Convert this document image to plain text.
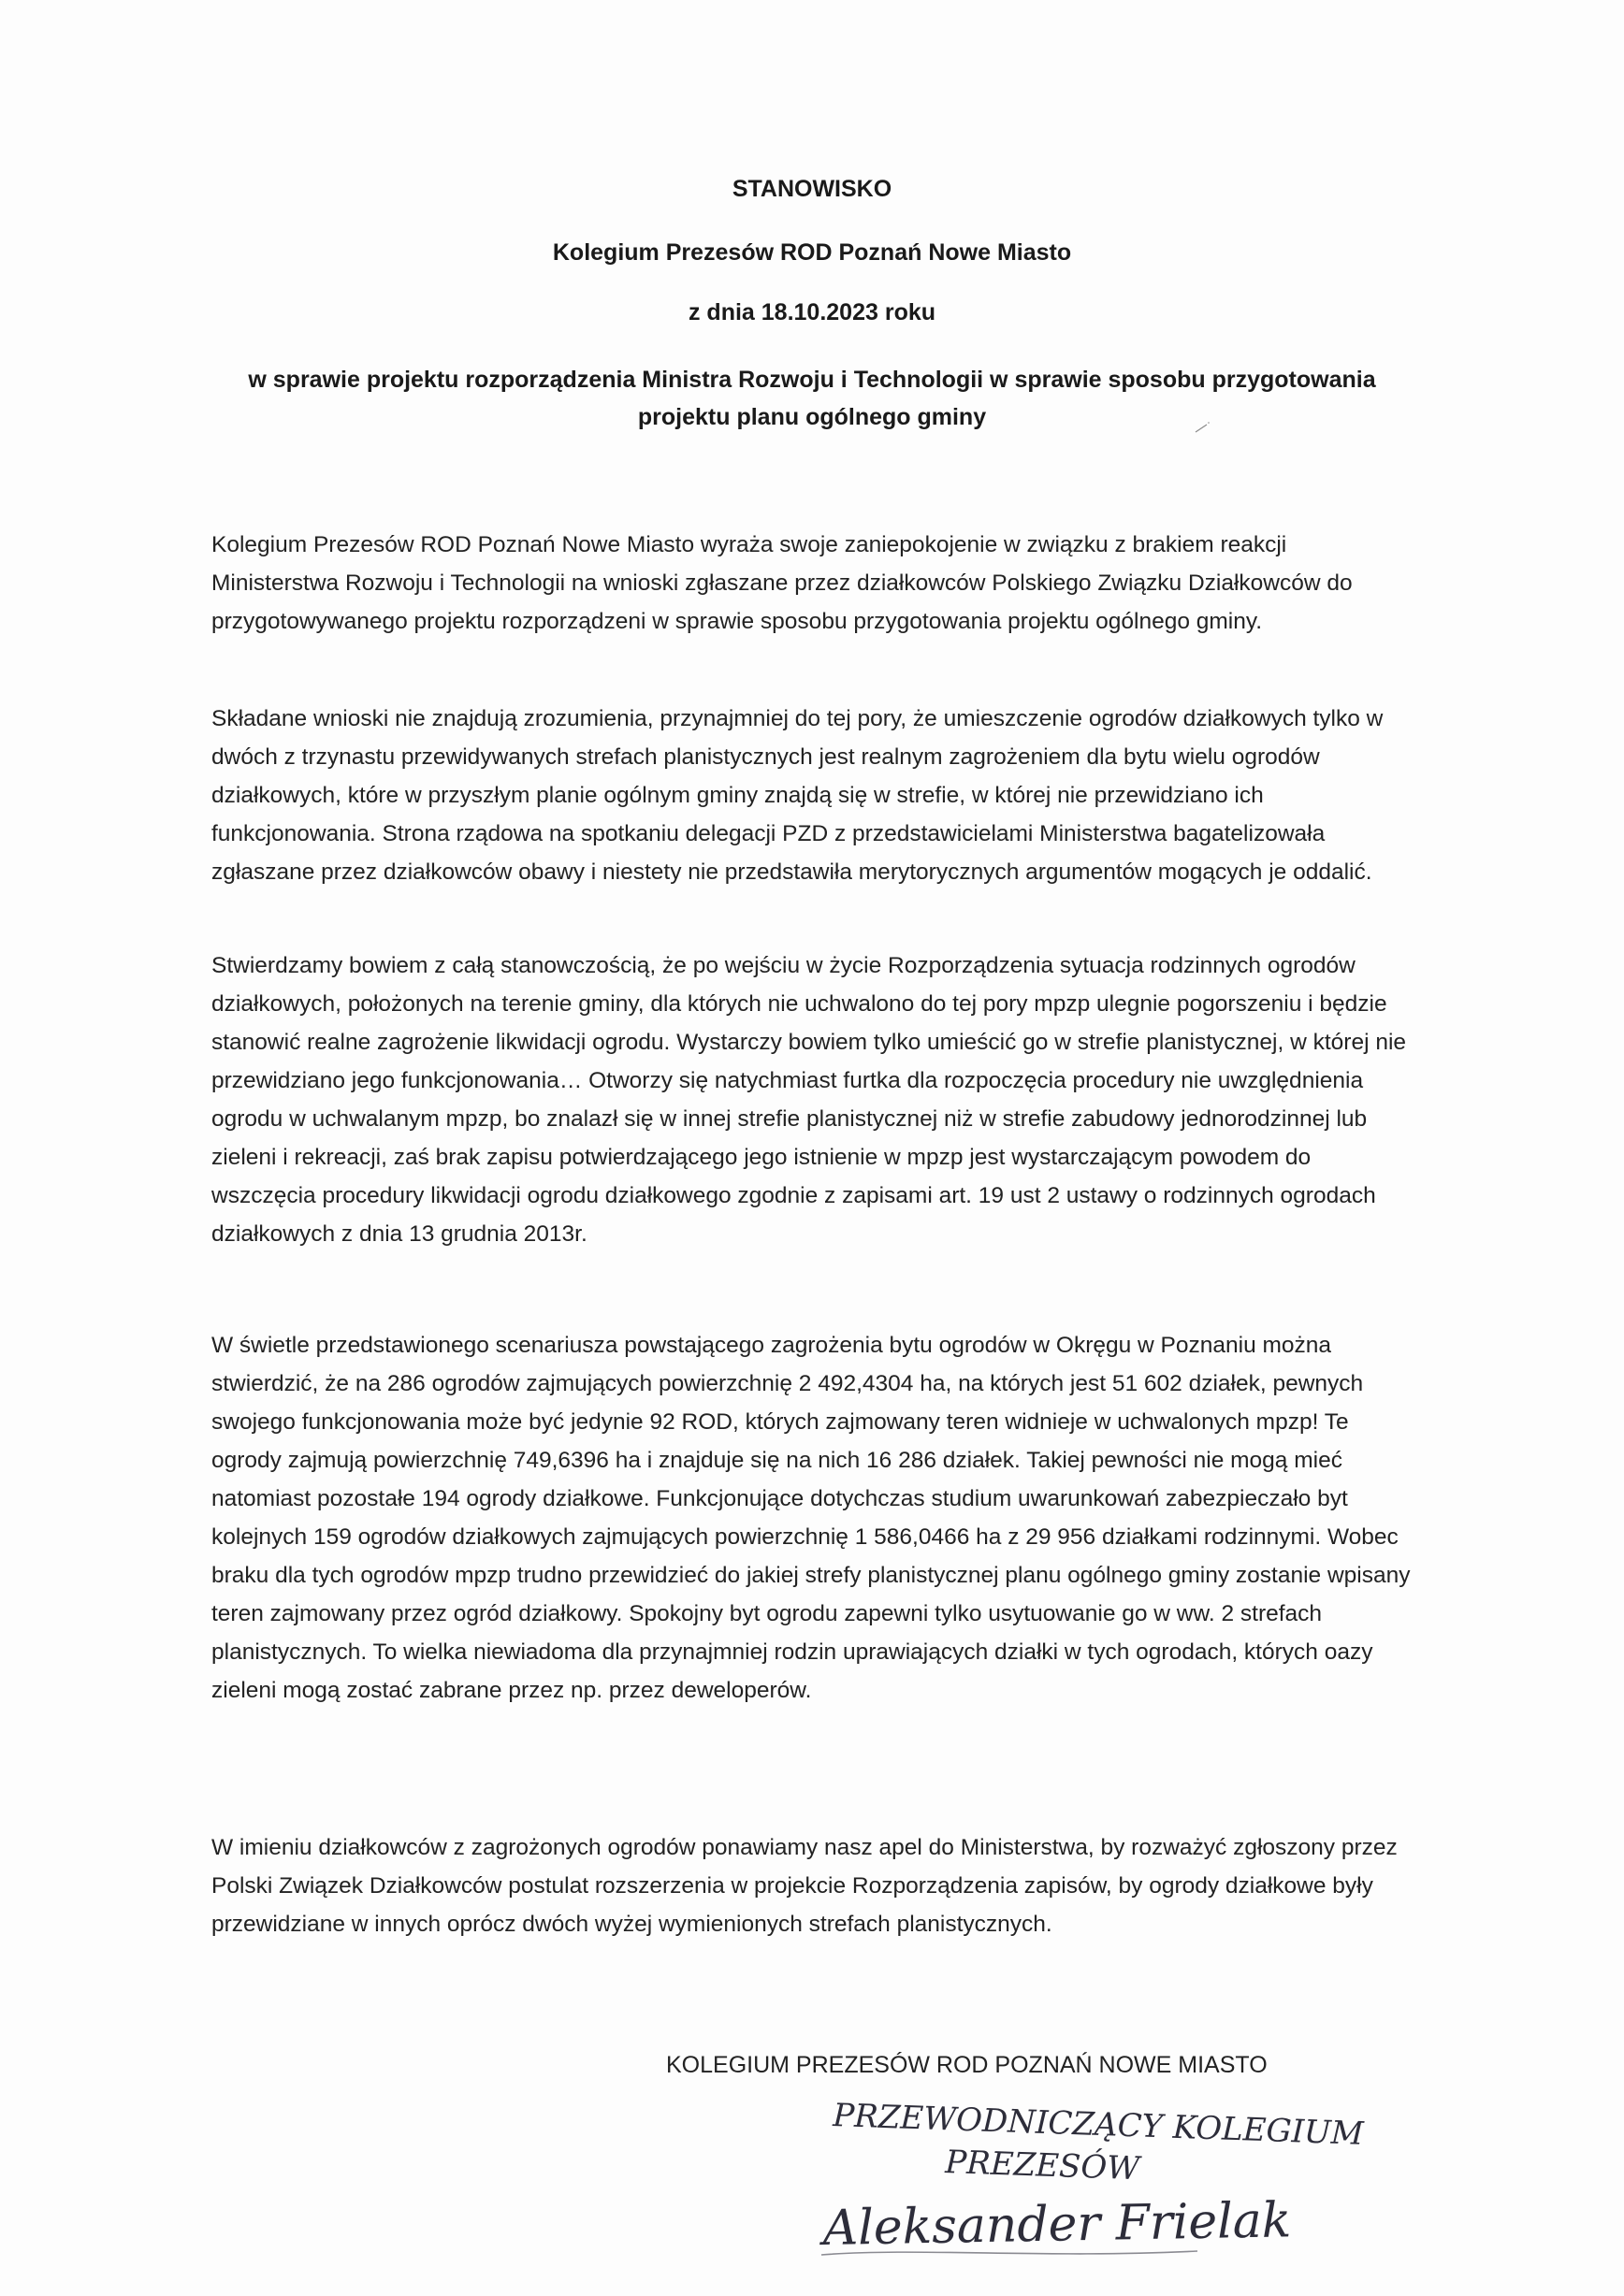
STANOWISKO
Kolegium Prezesów ROD Poznań Nowe Miasto
z dnia 18.10.2023 roku
w sprawie projektu rozporządzenia Ministra Rozwoju i Technologii w sprawie sposobu przygotowania projektu planu ogólnego gminy

Kolegium Prezesów ROD Poznań Nowe Miasto wyraża swoje zaniepokojenie w związku z brakiem reakcji Ministerstwa Rozwoju i Technologii na wnioski zgłaszane przez działkowców Polskiego Związku Działkowców do przygotowywanego projektu rozporządzeni w sprawie sposobu przygotowania projektu ogólnego gminy.

Składane wnioski nie znajdują zrozumienia, przynajmniej do tej pory, że umieszczenie ogrodów działkowych tylko w dwóch z trzynastu przewidywanych strefach planistycznych jest realnym zagrożeniem dla bytu wielu ogrodów działkowych, które w przyszłym planie ogólnym gminy znajdą się w strefie, w której nie przewidziano ich funkcjonowania. Strona rządowa na spotkaniu delegacji PZD z przedstawicielami Ministerstwa bagatelizowała zgłaszane przez działkowców obawy i niestety nie przedstawiła merytorycznych argumentów mogących je oddalić.

Stwierdzamy bowiem z całą stanowczością, że po wejściu w życie Rozporządzenia sytuacja rodzinnych ogrodów działkowych, położonych na terenie gminy, dla których nie uchwalono do tej pory mpzp ulegnie pogorszeniu i będzie stanowić realne zagrożenie likwidacji ogrodu. Wystarczy bowiem tylko umieścić go w strefie planistycznej, w której nie przewidziano jego funkcjonowania… Otworzy się natychmiast furtka dla rozpoczęcia procedury nie uwzględnienia ogrodu w uchwalanym mpzp, bo znalazł się w innej strefie planistycznej niż w strefie zabudowy jednorodzinnej lub zieleni i rekreacji, zaś brak zapisu potwierdzającego jego istnienie w mpzp jest wystarczającym powodem do wszczęcia procedury likwidacji ogrodu działkowego zgodnie z zapisami art. 19 ust 2 ustawy o rodzinnych ogrodach działkowych z dnia 13 grudnia 2013r.

W świetle przedstawionego scenariusza powstającego zagrożenia bytu ogrodów w Okręgu w Poznaniu można stwierdzić, że na 286 ogrodów zajmujących powierzchnię 2 492,4304 ha, na których jest 51 602 działek, pewnych swojego funkcjonowania może być jedynie 92 ROD, których zajmowany teren widnieje w uchwalonych mpzp! Te ogrody zajmują powierzchnię 749,6396 ha i znajduje się na nich 16 286 działek. Takiej pewności nie mogą mieć natomiast pozostałe 194 ogrody działkowe. Funkcjonujące dotychczas studium uwarunkowań zabezpieczało byt kolejnych 159 ogrodów działkowych zajmujących powierzchnię 1 586,0466 ha z 29 956 działkami rodzinnymi. Wobec braku dla tych ogrodów mpzp trudno przewidzieć do jakiej strefy planistycznej planu ogólnego gminy zostanie wpisany teren zajmowany przez ogród działkowy. Spokojny byt ogrodu zapewni tylko usytuowanie go w ww. 2 strefach planistycznych. To wielka niewiadoma dla przynajmniej rodzin uprawiających działki w tych ogrodach, których oazy zieleni mogą zostać zabrane przez np. przez deweloperów.

W imieniu działkowców z zagrożonych ogrodów ponawiamy nasz apel do Ministerstwa, by rozważyć zgłoszony przez Polski Związek Działkowców postulat rozszerzenia w projekcie Rozporządzenia zapisów, by ogrody działkowe były przewidziane w innych oprócz dwóch wyżej wymienionych strefach planistycznych.

KOLEGIUM PREZESÓW ROD POZNAŃ NOWE MIASTO
PRZEWODNICZĄCY KOLEGIUM
PREZESÓW
Aleksander Frielak
